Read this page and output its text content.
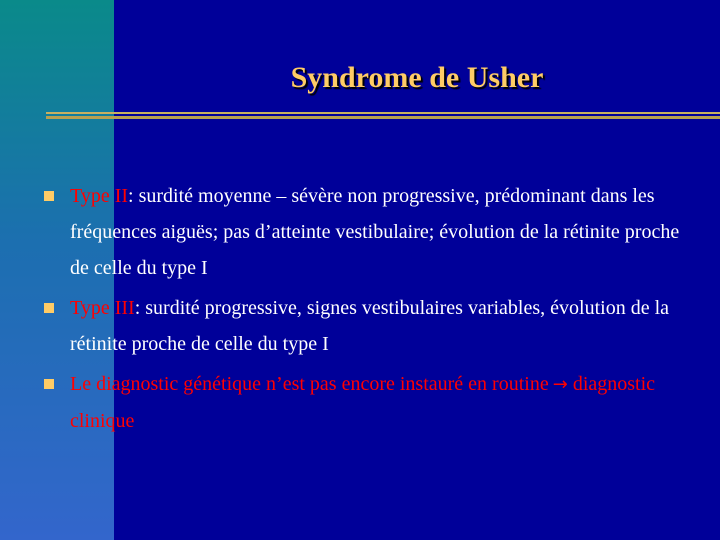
Syndrome de Usher
Type II: surdité moyenne – sévère non progressive, prédominant dans les fréquences aiguës; pas d’atteinte vestibulaire; évolution de la rétinite proche de celle du type I
Type III: surdité progressive, signes vestibulaires variables, évolution de la rétinite proche de celle du type I
Le diagnostic génétique n’est pas encore instauré en routine → diagnostic clinique
